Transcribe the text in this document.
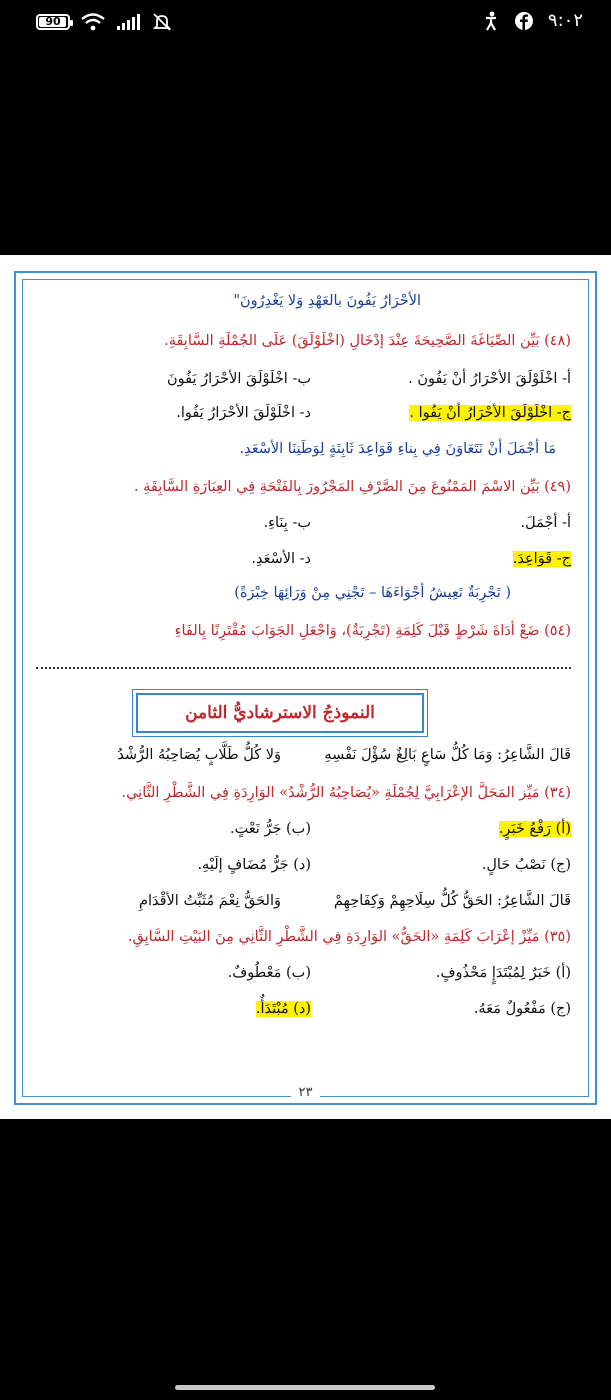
90	٩:٠٢
الأحْرَارُ يَفُونَ بالعَهْدِ وَلا يَغْدِرُونَ"
(٤٨) بَيِّن الصِّيَاغَةَ الصَّحِيحَةَ عِنْدَ إدْخَالِ (اخْلَوْلَقَ) عَلَى الجُمْلَةِ السَّابِقَةِ.
أ- اخْلَوْلَقَ الأحْرَارُ أنْ يَفُونَ .
ب- اخْلَوْلَقَ الأحْرَارُ يَفُونَ
ج- اخْلَوْلَقَ الأحْرَارُ أنْ يَفُوا .
د- اخْلَوْلَقَ الأحْرَارُ يَفُوا.
مَا أجْمَلَ أنْ نَتَعَاوَنَ فِي بِناءِ قَوَاعِدَ ثَابِتَةٍ لِوَطَنِنَا الأسْعَدِ.
(٤٩) بَيِّن الاسْمَ المَمْنُوعَ مِنَ الصَّرْفِ المَجْرُورَ بِالفَتْحَةِ فِي العِبَارَةِ السَّابِقَةِ .
أ- أجْمَلَ.
ب- بِنَاءِ.
ج- قَوَاعِدَ.
د- الأسْعَدِ.
( تَجْرِبَةٌ تَعِيشُ أجْوَاءَهَا – تَجْنِي مِنْ وَرَائِهَا خِبْرَةً)
(٥٤) ضَعْ أدَاةَ شَرْطٍ قَبْلَ كَلِمَةِ (تَجْرِبَةٌ)، وَاجْعَلِ الجَوَابَ مُقْتَرِنًا بِالفَاءِ
النموذجُ الاسترشاديُّ الثامن
قَالَ الشَّاعِرُ: وَمَا كُلُّ سَاعٍ بَالِغٌ سُؤْلَ نَفْسِهِ
وَلا كُلُّ طَلَّابٍ يُصَاحِبُهُ الرُّشْدُ
(٣٤) مَيِّز المَحَلَّ الإعْرَابِيَّ لِجُمْلَةِ «يُصَاحِبُهُ الرُّشْدُ» الوَارِدَةِ فِي الشَّطْرِ الثَّانِي.
(أ) رَفْعُ خَبَرٍ.
(ب) جَرُّ نَعْتٍ.
(ج) نَصْبُ حَالٍ.
(د) جَرُّ مُضَافٍ إلَيْهِ.
قَالَ الشَّاعِرُ: الحَقُّ كُلُّ سِلَاحِهِمْ وَكِفَاحِهِمْ
وَالحَقُّ نِعْمَ مُثَبِّتُ الأقْدَامِ
(٣٥) مَيِّزْ إعْرَابَ كَلِمَةِ «الحَقُّ» الوَارِدَةِ فِي الشَّطْرِ الثَّانِي مِنَ البَيْتِ السَّابِقِ.
(أ) خَبَرٌ لِمُبْتَدَإٍ مَحْذُوفٍ.
(ب) مَعْطُوفٌ.
(ج) مَفْعُولٌ مَعَهُ.
(د) مُبْتَدَأٌ.
٢٣
